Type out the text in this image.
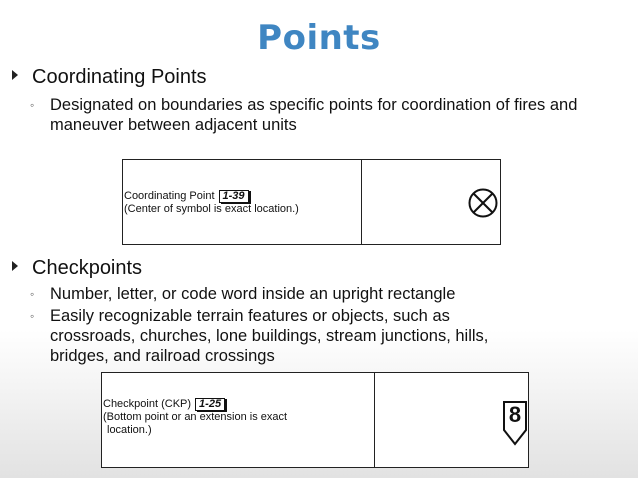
Points
Coordinating Points
◦ Designated on boundaries as specific points for coordination of fires and maneuver between adjacent units
Coordinating Point 1-39
(Center of symbol is exact location.)
Checkpoints
◦ Number, letter, or code word inside an upright rectangle
◦ Easily recognizable terrain features or objects, such as crossroads, churches, lone buildings, stream junctions, hills, bridges, and railroad crossings
Checkpoint (CKP) 1-25
(Bottom point or an extension is exact
location.)
8
